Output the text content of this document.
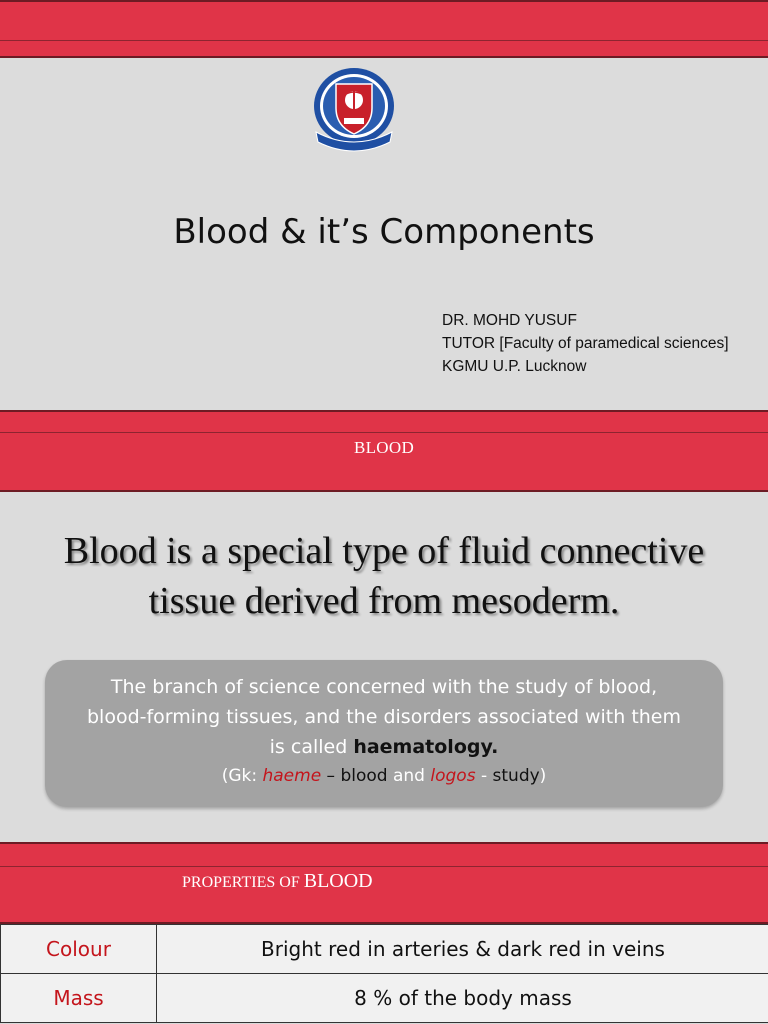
Blood & it’s Components
DR. MOHD YUSUF
TUTOR [Faculty of paramedical sciences]
KGMU U.P. Lucknow
BLOOD
Blood is a special type of fluid connective
tissue derived from mesoderm.
The branch of science concerned with the study of blood,
blood-forming tissues, and the disorders associated with them
is called haematology.
(Gk: haeme – blood and logos - study)
PROPERTIES OF BLOOD
Colour	Bright red in arteries & dark red in veins
Mass	8 % of the body mass
